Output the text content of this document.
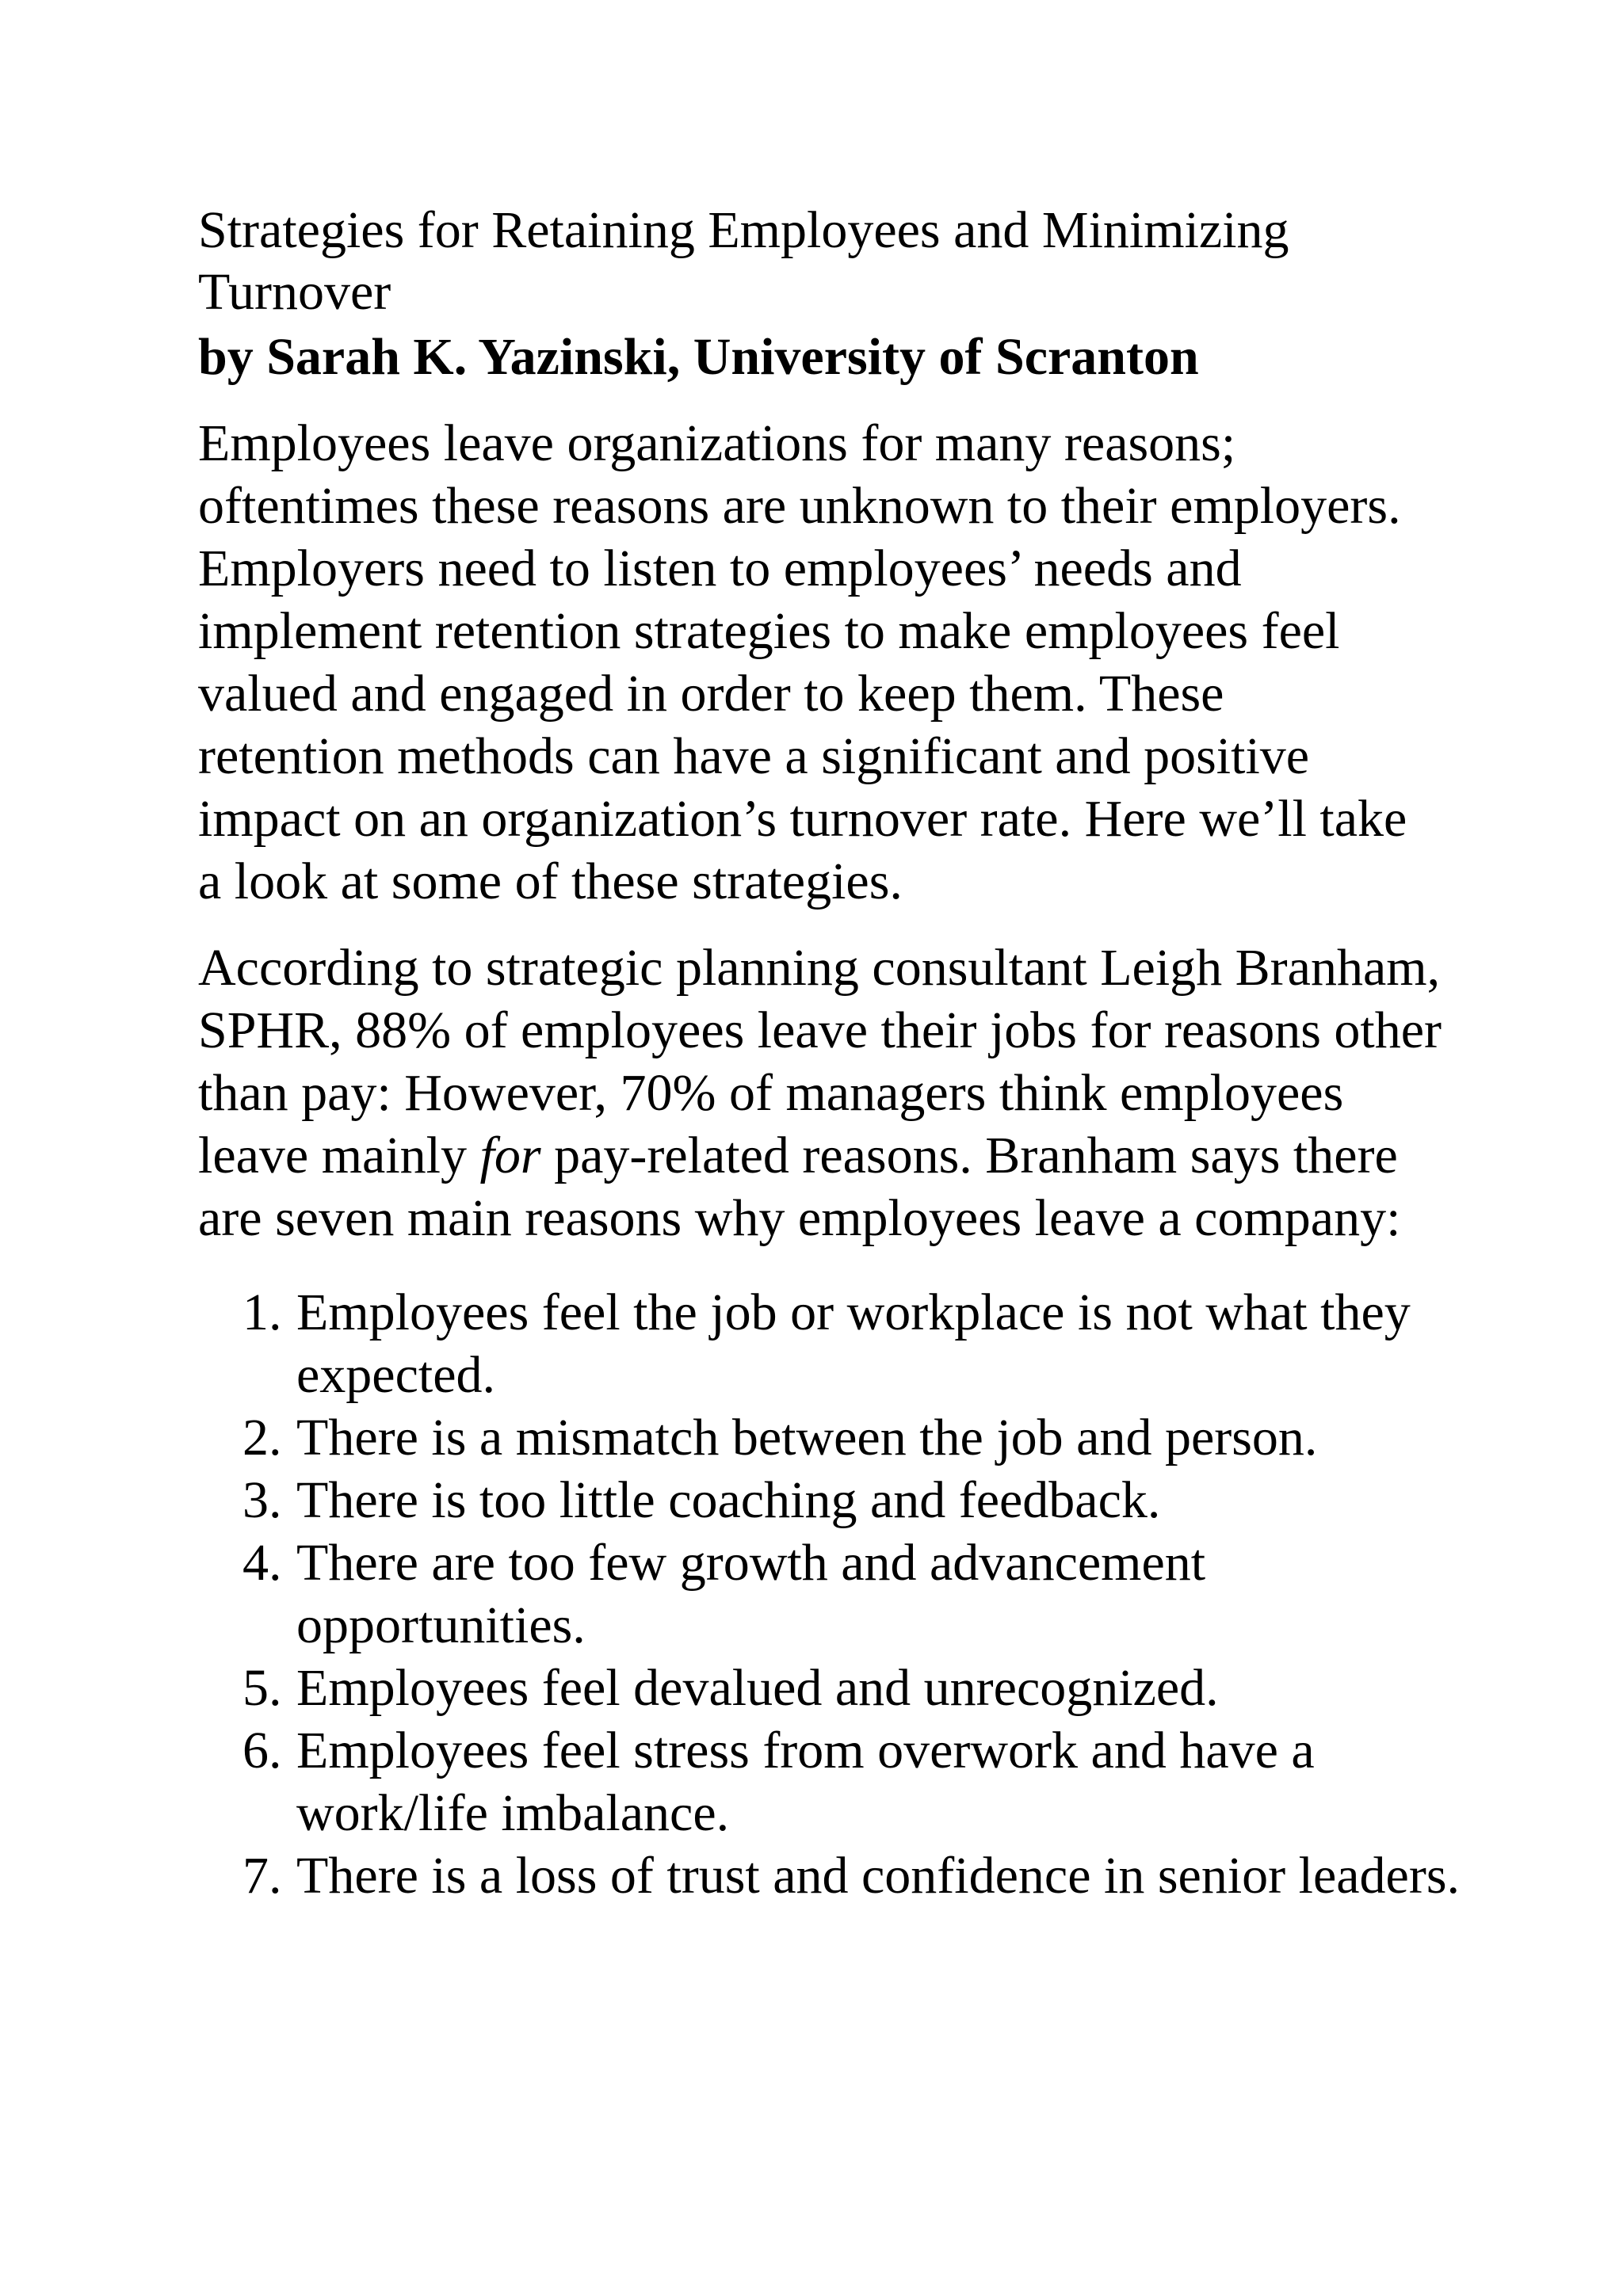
Strategies for Retaining Employees and Minimizing Turnover
by Sarah K. Yazinski, University of Scranton

Employees leave organizations for many reasons; oftentimes these reasons are unknown to their employers. Employers need to listen to employees’ needs and implement retention strategies to make employees feel valued and engaged in order to keep them. These retention methods can have a significant and positive impact on an organization’s turnover rate. Here we’ll take a look at some of these strategies.

According to strategic planning consultant Leigh Branham, SPHR, 88% of employees leave their jobs for reasons other than pay: However, 70% of managers think employees leave mainly for pay-related reasons. Branham says there are seven main reasons why employees leave a company:

1. Employees feel the job or workplace is not what they expected.
2. There is a mismatch between the job and person.
3. There is too little coaching and feedback.
4. There are too few growth and advancement opportunities.
5. Employees feel devalued and unrecognized.
6. Employees feel stress from overwork and have a work/life imbalance.
7. There is a loss of trust and confidence in senior leaders.
